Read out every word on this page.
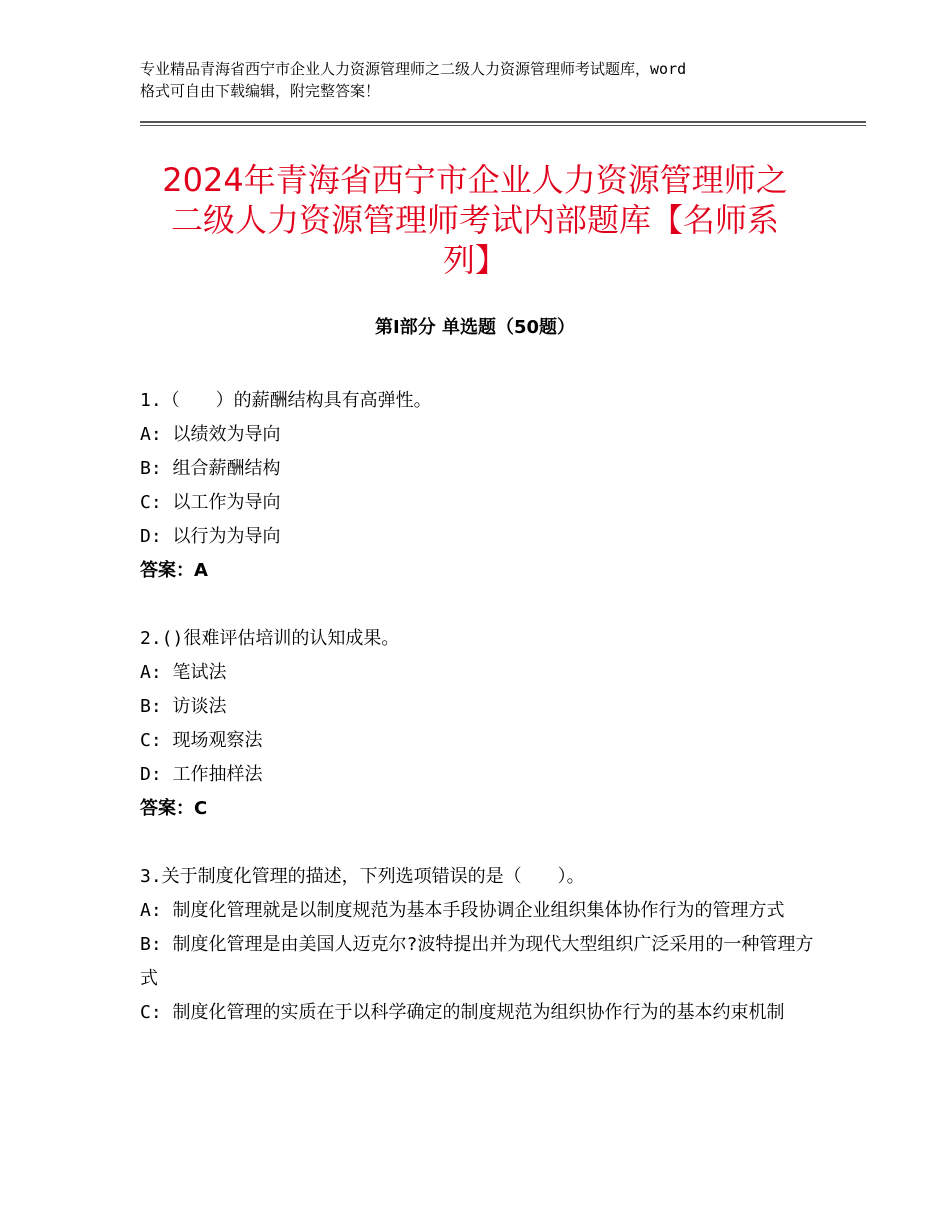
专业精品青海省西宁市企业人力资源管理师之二级人力资源管理师考试题库，word
格式可自由下载编辑，附完整答案！
2024年青海省西宁市企业人力资源管理师之
二级人力资源管理师考试内部题库【名师系
列】
第Ⅰ部分 单选题（50题）
1.（　　）的薪酬结构具有高弹性。
A: 以绩效为导向
B: 组合薪酬结构
C: 以工作为导向
D: 以行为为导向
答案：A
2.()很难评估培训的认知成果。
A: 笔试法
B: 访谈法
C: 现场观察法
D: 工作抽样法
答案：C
3.关于制度化管理的描述，下列选项错误的是（　　）。
A: 制度化管理就是以制度规范为基本手段协调企业组织集体协作行为的管理方式
B: 制度化管理是由美国人迈克尔?波特提出并为现代大型组织广泛采用的一种管理方式
C: 制度化管理的实质在于以科学确定的制度规范为组织协作行为的基本约束机制
